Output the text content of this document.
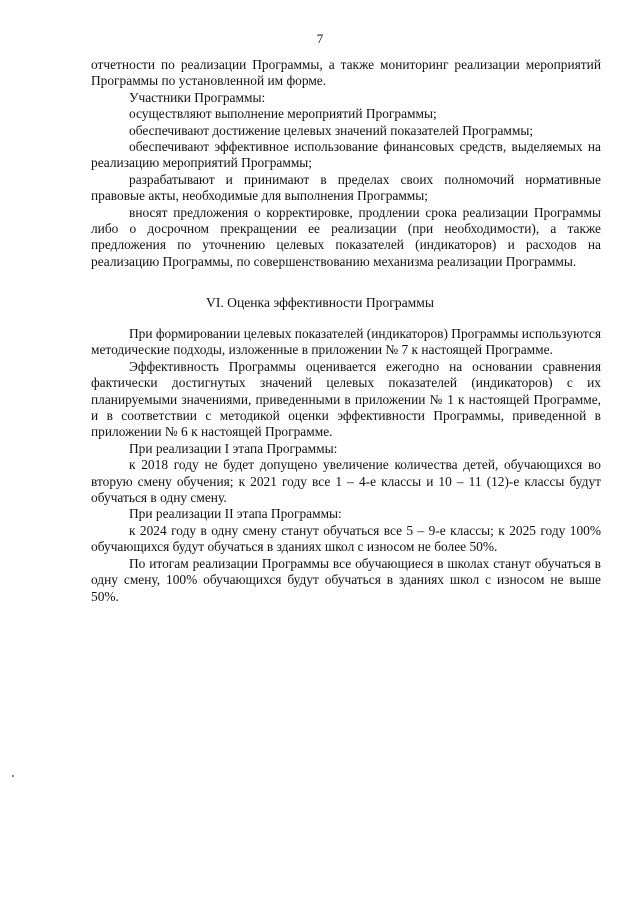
7

отчетности по реализации Программы, а также мониторинг реализации мероприятий Программы по установленной им форме.

Участники Программы:

осуществляют выполнение мероприятий Программы;

обеспечивают достижение целевых значений показателей Программы;

обеспечивают эффективное использование финансовых средств, выделяемых на реализацию мероприятий Программы;

разрабатывают и принимают в пределах своих полномочий нормативные правовые акты, необходимые для выполнения Программы;

вносят предложения о корректировке, продлении срока реализации Программы либо о досрочном прекращении ее реализации (при необходимости), а также предложения по уточнению целевых показателей (индикаторов) и расходов на реализацию Программы, по совершенствованию механизма реализации Программы.

VI. Оценка эффективности Программы

При формировании целевых показателей (индикаторов) Программы используются методические подходы, изложенные в приложении № 7 к настоящей Программе.

Эффективность Программы оценивается ежегодно на основании сравнения фактически достигнутых значений целевых показателей (индикаторов) с их планируемыми значениями, приведенными в приложении № 1 к настоящей Программе, и в соответствии с методикой оценки эффективности Программы, приведенной в приложении № 6 к настоящей Программе.

При реализации I этапа Программы:

к 2018 году не будет допущено увеличение количества детей, обучающихся во вторую смену обучения; к 2021 году все 1 – 4-е классы и 10 – 11 (12)-е классы будут обучаться в одну смену.

При реализации II этапа Программы:

к 2024 году в одну смену станут обучаться все 5 – 9-е классы; к 2025 году 100% обучающихся будут обучаться в зданиях школ с износом не более 50%.

По итогам реализации Программы все обучающиеся в школах станут обучаться в одну смену, 100% обучающихся будут обучаться в зданиях школ с износом не выше 50%.
